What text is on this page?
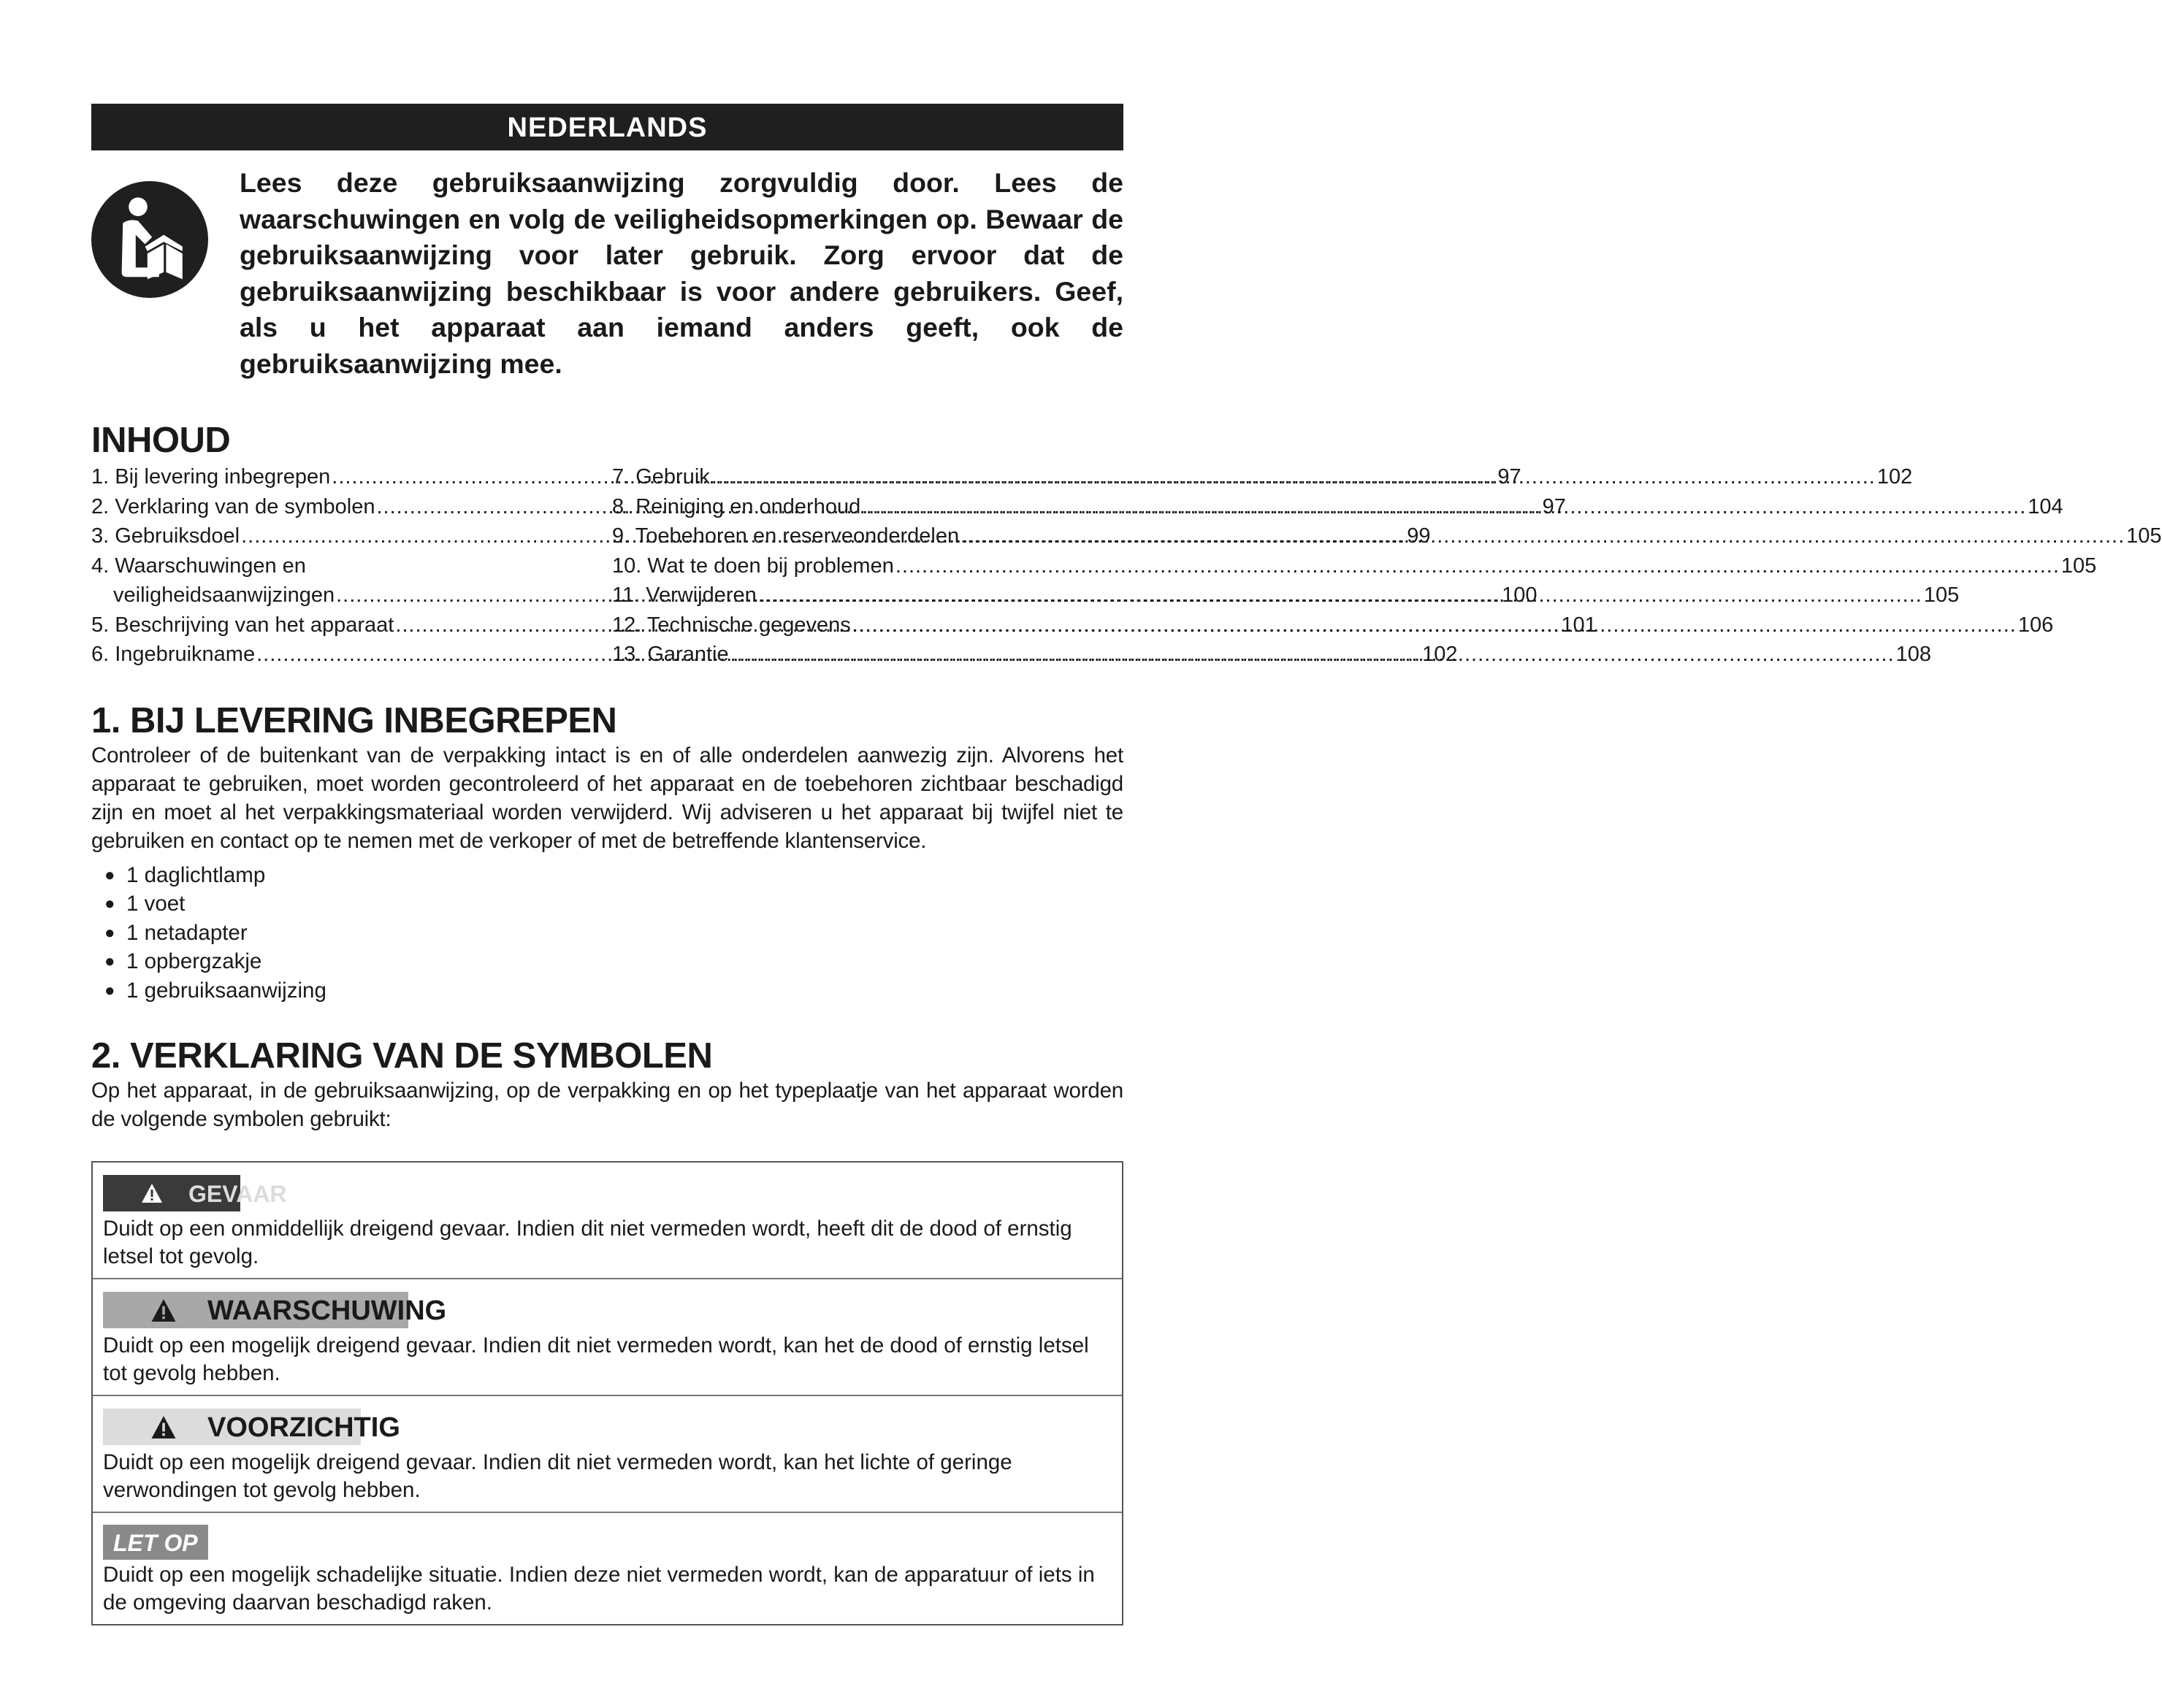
NEDERLANDS
Lees deze gebruiksaanwijzing zorgvuldig door. Lees de waarschuwingen en volg de veiligheidsopmerkingen op. Bewaar de gebruiksaanwijzing voor later gebruik. Zorg ervoor dat de gebruiksaanwijzing beschikbaar is voor andere gebruikers. Geef, als u het apparaat aan iemand anders geeft, ook de gebruiksaanwijzing mee.
INHOUD
1. Bij levering inbegrepen .....	97
2. Verklaring van de symbolen .....	97
3. Gebruiksdoel .....	99
4. Waarschuwingen en
veiligheidsaanwijzingen .....	100
5. Beschrijving van het apparaat .....	101
6. Ingebruikname .....	102
7. Gebruik .....	102
8. Reiniging en onderhoud .....	104
9. Toebehoren en reserveonderdelen .....	105
10. Wat te doen bij problemen .....	105
11. Verwijderen .....	105
12. Technische gegevens .....	106
13. Garantie .....	108
1. BIJ LEVERING INBEGREPEN

Controleer of de buitenkant van de verpakking intact is en of alle onderdelen aanwezig zijn. Alvorens het apparaat te gebruiken, moet worden gecontroleerd of het apparaat en de toebehoren zichtbaar beschadigd zijn en moet al het verpakkingsmateriaal worden verwijderd. Wij adviseren u het apparaat bij twijfel niet te gebruiken en contact op te nemen met de verkoper of met de betreffende klantenservice.

● 1 daglichtlamp
● 1 voet
● 1 netadapter
● 1 opbergzakje
● 1 gebruiksaanwijzing
2. VERKLARING VAN DE SYMBOLEN

Op het apparaat, in de gebruiksaanwijzing, op de verpakking en op het typeplaatje van het apparaat worden de volgende symbolen gebruikt:

GEVAAR
Duidt op een onmiddellijk dreigend gevaar. Indien dit niet vermeden wordt, heeft dit de dood of ernstig letsel tot gevolg.
WAARSCHUWING
Duidt op een mogelijk dreigend gevaar. Indien dit niet vermeden wordt, kan het de dood of ernstig letsel tot gevolg hebben.
VOORZICHTIG
Duidt op een mogelijk dreigend gevaar. Indien dit niet vermeden wordt, kan het lichte of geringe verwondingen tot gevolg hebben.
LET OP
Duidt op een mogelijk schadelijke situatie. Indien deze niet vermeden wordt, kan de apparatuur of iets in de omgeving daarvan beschadigd raken.
